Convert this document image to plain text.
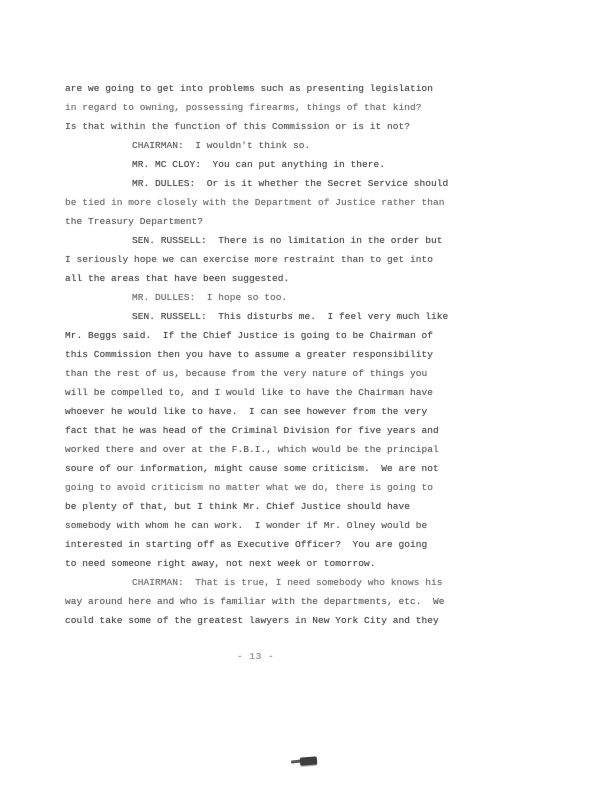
are we going to get into problems such as presenting legislation
in regard to owning, possessing firearms, things of that kind?
Is that within the function of this Commission or is it not?
CHAIRMAN:  I wouldn't think so.
MR. MC CLOY:  You can put anything in there.
MR. DULLES:  Or is it whether the Secret Service should
be tied in more closely with the Department of Justice rather than
the Treasury Department?
SEN. RUSSELL:  There is no limitation in the order but
I seriously hope we can exercise more restraint than to get into
all the areas that have been suggested.
MR. DULLES:  I hope so too.
SEN. RUSSELL:  This disturbs me.  I feel very much like
Mr. Beggs said.  If the Chief Justice is going to be Chairman of
this Commission then you have to assume a greater responsibility
than the rest of us, because from the very nature of things you
will be compelled to, and I would like to have the Chairman have
whoever he would like to have.  I can see however from the very
fact that he was head of the Criminal Division for five years and
worked there and over at the F.B.I., which would be the principal
soure of our information, might cause some criticism.  We are not
going to avoid criticism no matter what we do, there is going to
be plenty of that, but I think Mr. Chief Justice should have
somebody with whom he can work.  I wonder if Mr. Olney would be
interested in starting off as Executive Officer?  You are going
to need someone right away, not next week or tomorrow.
CHAIRMAN:  That is true, I need somebody who knows his
way around here and who is familiar with the departments, etc.  We
could take some of the greatest lawyers in New York City and they
- 13 -
